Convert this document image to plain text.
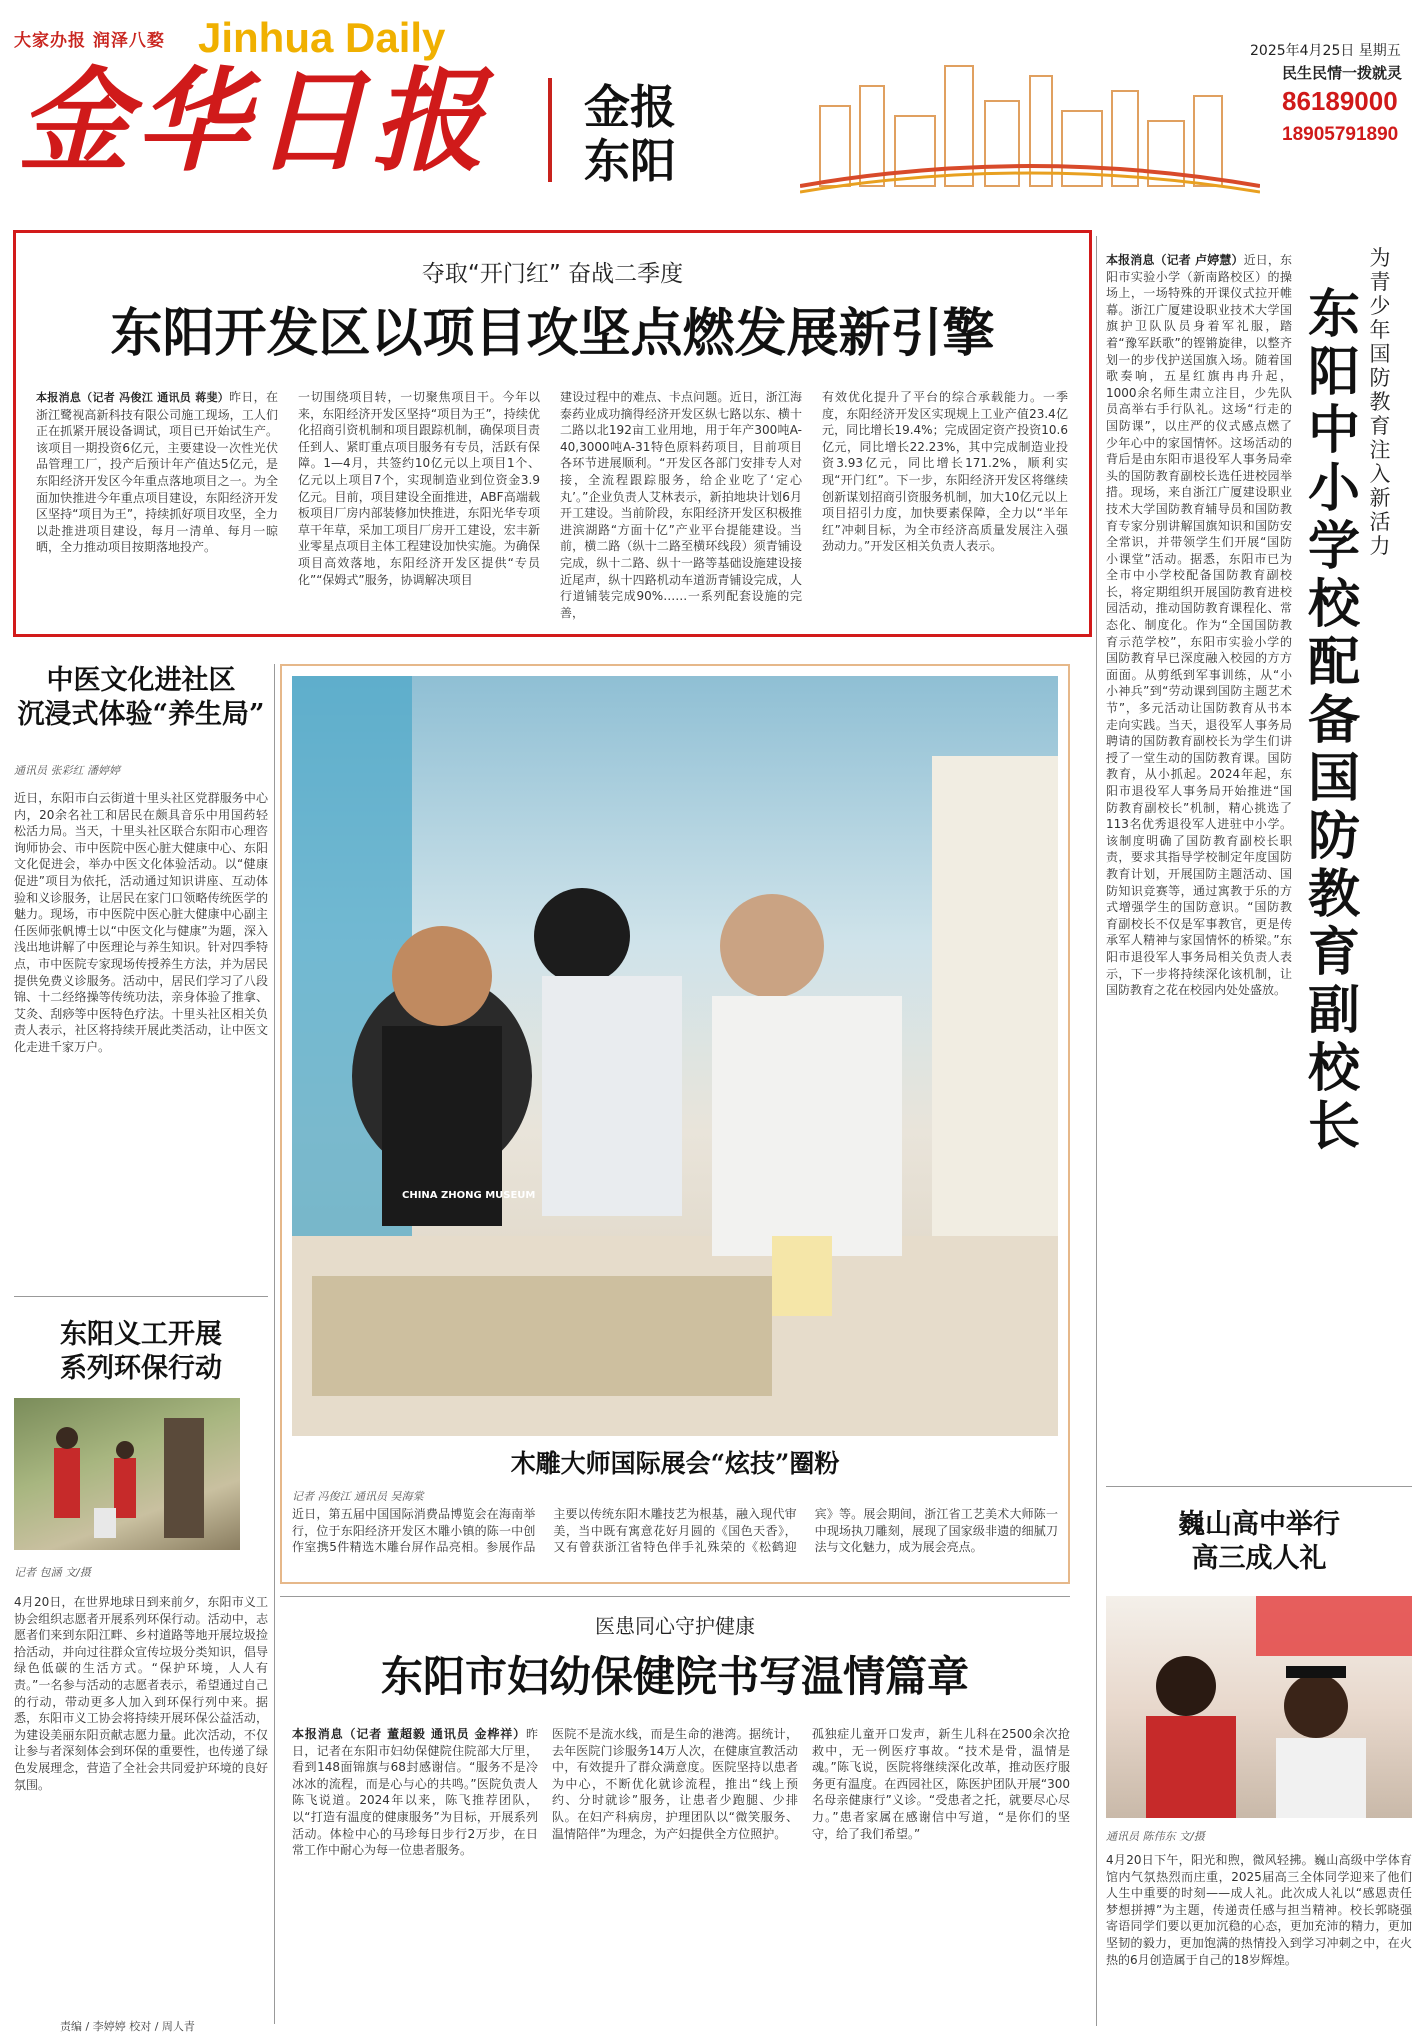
大家办报 润泽八婺 Jinhua Daily
金华日报 金报
东阳
2025年4月25日 星期五
民生民情一拨就灵
86189000
18905791890
夺取“开门红” 奋战二季度
东阳开发区以项目攻坚点燃发展新引擎
本报消息（记者 冯俊江 通讯员 蒋斐）昨日，在浙江鹭视高新科技有限公司施工现场，工人们正在抓紧开展设备调试，项目已开始试生产。该项目一期投资6亿元，主要建设一次性光伏品管理工厂，投产后预计年产值达5亿元，是东阳经济开发区今年重点落地项目之一。为全面加快推进今年重点项目建设，东阳经济开发区坚持“项目为王”，持续抓好项目攻坚，全力以赴推进项目建设，每月一清单、每月一晾晒，全力推动项目按期落地投产。
一切围绕项目转，一切聚焦项目干。今年以来，东阳经济开发区坚持“项目为王”，持续优化招商引资机制和项目跟踪机制，确保项目责任到人、紧盯重点项目服务有专员，活跃有保障。1—4月，共签约10亿元以上项目1个、亿元以上项目7个，实现制造业到位资金3.9亿元。目前，项目建设全面推进，ABF高端载板项目厂房内部装修加快推进，东阳光华专项草干年草，采加工项目厂房开工建设，宏丰新业零星点项目主体工程建设加快实施。为确保项目高效落地，东阳经济开发区提供“专员化”“保姆式”服务，协调解决项目
建设过程中的难点、卡点问题。近日，浙江海泰药业成功摘得经济开发区纵七路以东、横十二路以北192亩工业用地，用于年产300吨A-40,3000吨A-31特色原料药项目，目前项目各环节进展顺利。“开发区各部门安排专人对接，全流程跟踪服务，给企业吃了‘定心丸’。”企业负责人艾林表示，新拍地块计划6月开工建设。当前阶段，东阳经济开发区积极推进滨湖路“方面十亿”产业平台提能建设。当前，横二路（纵十二路至横环线段）须青铺设完成，纵十二路、纵十一路等基础设施建设接近尾声，纵十四路机动车道沥青铺设完成，人行道铺装完成90%……一系列配套设施的完善，
有效优化提升了平台的综合承载能力。一季度，东阳经济开发区实现规上工业产值23.4亿元，同比增长19.4%；完成固定资产投资10.6亿元，同比增长22.23%，其中完成制造业投资3.93亿元，同比增长171.2%，顺利实现“开门红”。下一步，东阳经济开发区将继续创新谋划招商引资服务机制，加大10亿元以上项目招引力度，加快要素保障，全力以“半年红”冲刺目标，为全市经济高质量发展注入强劲动力。”开发区相关负责人表示。
本报消息（记者 卢婷慧）近日，东阳市实验小学（新南路校区）的操场上，一场特殊的开课仪式拉开帷幕。浙江广厦建设职业技术大学国旗护卫队队员身着军礼服，踏着“豫军跃歌”的铿锵旋律，以整齐划一的步伐护送国旗入场。随着国歌奏响，五星红旗冉冉升起，1000余名师生肃立注目，少先队员高举右手行队礼。这场“行走的国防课”，以庄严的仪式感点燃了少年心中的家国情怀。这场活动的背后是由东阳市退役军人事务局牵头的国防教育副校长选任进校园举措。现场，来自浙江广厦建设职业技术大学国防教育辅导员和国防教育专家分别讲解国旗知识和国防安全常识，并带领学生们开展“国防小课堂”活动。据悉，东阳市已为全市中小学校配备国防教育副校长，将定期组织开展国防教育进校园活动，推动国防教育课程化、常态化、制度化。作为“全国国防教育示范学校”，东阳市实验小学的国防教育早已深度融入校园的方方面面。从剪纸到军事训练，从“小小神兵”到“劳动课到国防主题艺术节”，多元活动让国防教育从书本走向实践。当天，退役军人事务局聘请的国防教育副校长为学生们讲授了一堂生动的国防教育课。国防教育，从小抓起。2024年起，东阳市退役军人事务局开始推进“国防教育副校长”机制，精心挑选了113名优秀退役军人进驻中小学。该制度明确了国防教育副校长职责，要求其指导学校制定年度国防教育计划，开展国防主题活动、国防知识竞赛等，通过寓教于乐的方式增强学生的国防意识。“国防教育副校长不仅是军事教官，更是传承军人精神与家国情怀的桥梁。”东阳市退役军人事务局相关负责人表示，下一步将持续深化该机制，让国防教育之花在校园内处处盛放。
为青少年国防教育注入新活力
东阳中小学校配备国防教育副校长
中医文化进社区
沉浸式体验“养生局”
通讯员 张彩红 潘婷婷
近日，东阳市白云街道十里头社区党群服务中心内，20余名社工和居民在颇具音乐中用国药轻松活力局。当天，十里头社区联合东阳市心理咨询师协会、市中医院中医心脏大健康中心、东阳文化促进会，举办中医文化体验活动。以“健康促进”项目为依托，活动通过知识讲座、互动体验和义诊服务，让居民在家门口领略传统医学的魅力。现场，市中医院中医心脏大健康中心副主任医师张帆博士以“中医文化与健康”为题，深入浅出地讲解了中医理论与养生知识。针对四季特点，市中医院专家现场传授养生方法，并为居民提供免费义诊服务。活动中，居民们学习了八段锦、十二经络操等传统功法，亲身体验了推拿、艾灸、刮痧等中医特色疗法。十里头社区相关负责人表示，社区将持续开展此类活动，让中医文化走进千家万户。
东阳义工开展
系列环保行动
记者 包涵 文/摄
4月20日，在世界地球日到来前夕，东阳市义工协会组织志愿者开展系列环保行动。活动中，志愿者们来到东阳江畔、乡村道路等地开展垃圾捡拾活动，并向过往群众宣传垃圾分类知识，倡导绿色低碳的生活方式。“保护环境，人人有责。”一名参与活动的志愿者表示，希望通过自己的行动，带动更多人加入到环保行列中来。据悉，东阳市义工协会将持续开展环保公益活动，为建设美丽东阳贡献志愿力量。此次活动，不仅让参与者深刻体会到环保的重要性，也传递了绿色发展理念，营造了全社会共同爱护环境的良好氛围。
责编 / 李婷婷 校对 / 周人青
CHINA ZHONG MUSEUM
木雕大师国际展会“炫技”圈粉
记者 冯俊江 通讯员 吴海棠
近日，第五届中国国际消费品博览会在海南举行，位于东阳经济开发区木雕小镇的陈一中创作室携5件精选木雕台屏作品亮相。参展作品主要以传统东阳木雕技艺为根基，融入现代审美，当中既有寓意花好月圆的《国色天香》，又有曾获浙江省特色伴手礼殊荣的《松鹤迎宾》等。展会期间，浙江省工艺美术大师陈一中现场执刀雕刻，展现了国家级非遗的细腻刀法与文化魅力，成为展会亮点。
医患同心守护健康
东阳市妇幼保健院书写温情篇章
本报消息（记者 董超毅 通讯员 金桦祥）昨日，记者在东阳市妇幼保健院住院部大厅里，看到148面锦旗与68封感谢信。“服务不是冷冰冰的流程，而是心与心的共鸣。”医院负责人陈飞说道。2024年以来，陈飞推荐团队，以“打造有温度的健康服务”为目标，开展系列活动。体检中心的马珍每日步行2万步，在日常工作中耐心为每一位患者服务。
医院不是流水线，而是生命的港湾。据统计，去年医院门诊服务14万人次，在健康宣教活动中，有效提升了群众满意度。医院坚持以患者为中心，不断优化就诊流程，推出“线上预约、分时就诊”服务，让患者少跑腿、少排队。在妇产科病房，护理团队以“微笑服务、温情陪伴”为理念，为产妇提供全方位照护。
孤独症儿童开口发声，新生儿科在2500余次抢救中，无一例医疗事故。“技术是骨，温情是魂。”陈飞说，医院将继续深化改革，推动医疗服务更有温度。在西园社区，陈医护团队开展“300名母亲健康行”义诊。“受患者之托，就要尽心尽力。”患者家属在感谢信中写道，“是你们的坚守，给了我们希望。”
巍山高中举行
高三成人礼
通讯员 陈伟东 文/摄
4月20日下午，阳光和煦，微风轻拂。巍山高级中学体育馆内气氛热烈而庄重，2025届高三全体同学迎来了他们人生中重要的时刻——成人礼。此次成人礼以“感恩责任 梦想拼搏”为主题，传递责任感与担当精神。校长郭晓强寄语同学们要以更加沉稳的心态，更加充沛的精力，更加坚韧的毅力，更加饱满的热情投入到学习冲刺之中，在火热的6月创造属于自己的18岁辉煌。
